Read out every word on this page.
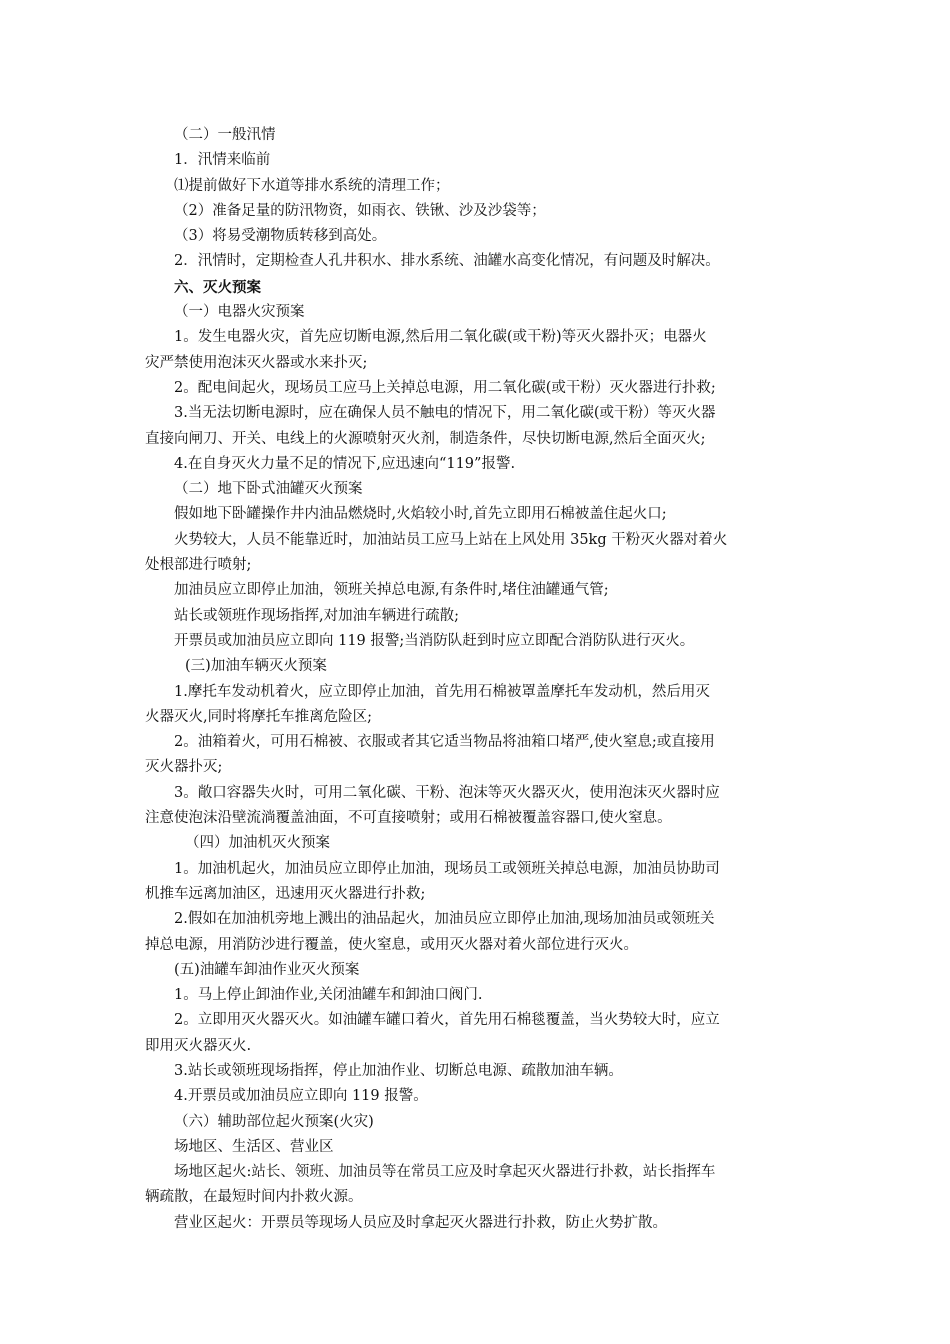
（二）一般汛情

1．汛情来临前

⑴提前做好下水道等排水系统的清理工作；

（2）准备足量的防汛物资，如雨衣、铁锹、沙及沙袋等；

（3）将易受潮物质转移到高处。

2．汛情时，定期检查人孔井积水、排水系统、油罐水高变化情况，有问题及时解决。

六、灭火预案

（一）电器火灾预案

1。发生电器火灾，首先应切断电源,然后用二氧化碳(或干粉)等灭火器扑灭；电器火

灾严禁使用泡沫灭火器或水来扑灭;

2。配电间起火，现场员工应马上关掉总电源，用二氧化碳(或干粉）灭火器进行扑救;

3.当无法切断电源时，应在确保人员不触电的情况下，用二氧化碳(或干粉）等灭火器

直接向闸刀、开关、电线上的火源喷射灭火剂，制造条件，尽快切断电源,然后全面灭火;

4.在自身灭火力量不足的情况下,应迅速向“119”报警.

（二）地下卧式油罐灭火预案

假如地下卧罐操作井内油品燃烧时,火焰较小时,首先立即用石棉被盖住起火口;

火势较大，人员不能靠近时，加油站员工应马上站在上风处用 35kg 干粉灭火器对着火

处根部进行喷射;

加油员应立即停止加油，领班关掉总电源,有条件时,堵住油罐通气管;

站长或领班作现场指挥,对加油车辆进行疏散;

开票员或加油员应立即向 119 报警;当消防队赶到时应立即配合消防队进行灭火。

(三)加油车辆灭火预案

1.摩托车发动机着火，应立即停止加油，首先用石棉被罩盖摩托车发动机，然后用灭

火器灭火,同时将摩托车推离危险区;

2。油箱着火，可用石棉被、衣服或者其它适当物品将油箱口堵严,使火窒息;或直接用

灭火器扑灭;

3。敞口容器失火时，可用二氧化碳、干粉、泡沫等灭火器灭火，使用泡沫灭火器时应

注意使泡沫沿壁流淌覆盖油面，不可直接喷射；或用石棉被覆盖容器口,使火窒息。

（四）加油机灭火预案

1。加油机起火，加油员应立即停止加油，现场员工或领班关掉总电源，加油员协助司

机推车远离加油区，迅速用灭火器进行扑救;

2.假如在加油机旁地上溅出的油品起火，加油员应立即停止加油,现场加油员或领班关

掉总电源，用消防沙进行覆盖，使火窒息，或用灭火器对着火部位进行灭火。

(五)油罐车卸油作业灭火预案

1。马上停止卸油作业,关闭油罐车和卸油口阀门.

2。立即用灭火器灭火。如油罐车罐口着火，首先用石棉毯覆盖，当火势较大时，应立

即用灭火器灭火.

3.站长或领班现场指挥，停止加油作业、切断总电源、疏散加油车辆。

4.开票员或加油员应立即向 119 报警。

（六）辅助部位起火预案(火灾)

场地区、生活区、营业区

场地区起火:站长、领班、加油员等在常员工应及时拿起灭火器进行扑救，站长指挥车

辆疏散，在最短时间内扑救火源。

营业区起火：开票员等现场人员应及时拿起灭火器进行扑救，防止火势扩散。
